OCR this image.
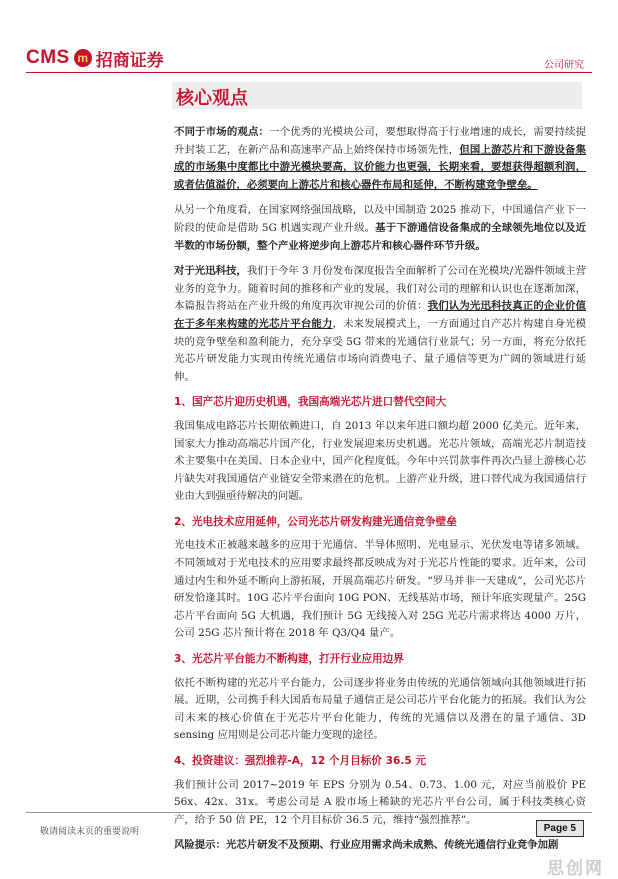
CMS m 招商证券	公司研究
核心观点

不同于市场的观点：一个优秀的光模块公司，要想取得高于行业增速的成长，需要持续提升封装工艺，在新产品和高速率产品上始终保持市场领先性，但国上游芯片和下游设备集成的市场集中度都比中游光模块要高，议价能力也更强，长期来看，要想获得超额利润，或者估值溢价，必须要向上游芯片和核心器件布局和延伸，不断构建竞争壁垒。

从另一个角度看，在国家网络强国战略，以及中国制造 2025 推动下，中国通信产业下一阶段的使命是借助 5G 机遇实现产业升级。基于下游通信设备集成的全球领先地位以及近半数的市场份额，整个产业将逆步向上游芯片和核心器件环节升级。

对于光迅科技，我们于今年 3 月份发布深度报告全面解析了公司在光模块/光器件领域主营业务的竞争力。随着时间的推移和产业的发展，我们对公司的理解和认识也在逐渐加深，本篇报告将站在产业升级的角度再次审视公司的价值：我们认为光迅科技真正的企业价值在于多年来构建的光芯片平台能力，未来发展模式上，一方面通过自产芯片构建自身光模块的竞争壁垒和盈利能力，充分享受 5G 带来的光通信行业景气；另一方面，将充分依托光芯片研发能力实现由传统光通信市场向消费电子、量子通信等更为广阔的领域进行延伸。

1、国产芯片迎历史机遇，我国高端光芯片进口替代空间大

我国集成电路芯片长期依赖进口，自 2013 年以来年进口额均超 2000 亿美元。近年来，国家大力推动高端芯片国产化，行业发展迎来历史机遇。光芯片领域，高端光芯片制造技术主要集中在美国、日本企业中，国产化程度低。今年中兴罚款事件再次凸显上游核心芯片缺失对我国通信产业链安全带来潜在的危机。上游产业升级，进口替代成为我国通信行业由大到强亟待解决的问题。

2、光电技术应用延伸，公司光芯片研发构建光通信竞争壁垒

光电技术正被越来越多的应用于光通信、半导体照明、光电显示、光伏发电等诸多领域。不同领域对于光电技术的应用要求最终都反映成为对于光芯片性能的要求。近年来，公司通过内生和外延不断向上游拓展，开展高端芯片研发。“罗马并非一天建成”，公司光芯片研发恰逢其时。10G 芯片平台面向 10G PON、无线基站市场，预计年底实现量产。25G 芯片平台面向 5G 大机遇，我们预计 5G 无线接入对 25G 光芯片需求将达 4000 万片，公司 25G 芯片预计将在 2018 年 Q3/Q4 量产。

3、光芯片平台能力不断构建，打开行业应用边界

依托不断构建的光芯片平台能力，公司逐步将业务由传统的光通信领域向其他领域进行拓展。近期，公司携手科大国盾布局量子通信正是公司芯片平台化能力的拓展。我们认为公司未来的核心价值在于光芯片平台化能力，传统的光通信以及潜在的量子通信、3D sensing 应用则是公司芯片能力变现的途径。

4、投资建议：强烈推荐-A，12 个月目标价 36.5 元

我们预计公司 2017~2019 年 EPS 分别为 0.54、0.73、1.00 元，对应当前股价 PE 56x、42x、31x。考虑公司是 A 股市场上稀缺的光芯片平台公司，属于科技类核心资产，给予 50 倍 PE，12 个月目标价 36.5 元，维持“强烈推荐”。

风险提示：光芯片研发不及预期、行业应用需求尚未成熟、传统光通信行业竞争加剧

敬请阅读末页的重要说明	Page 5
思创网
